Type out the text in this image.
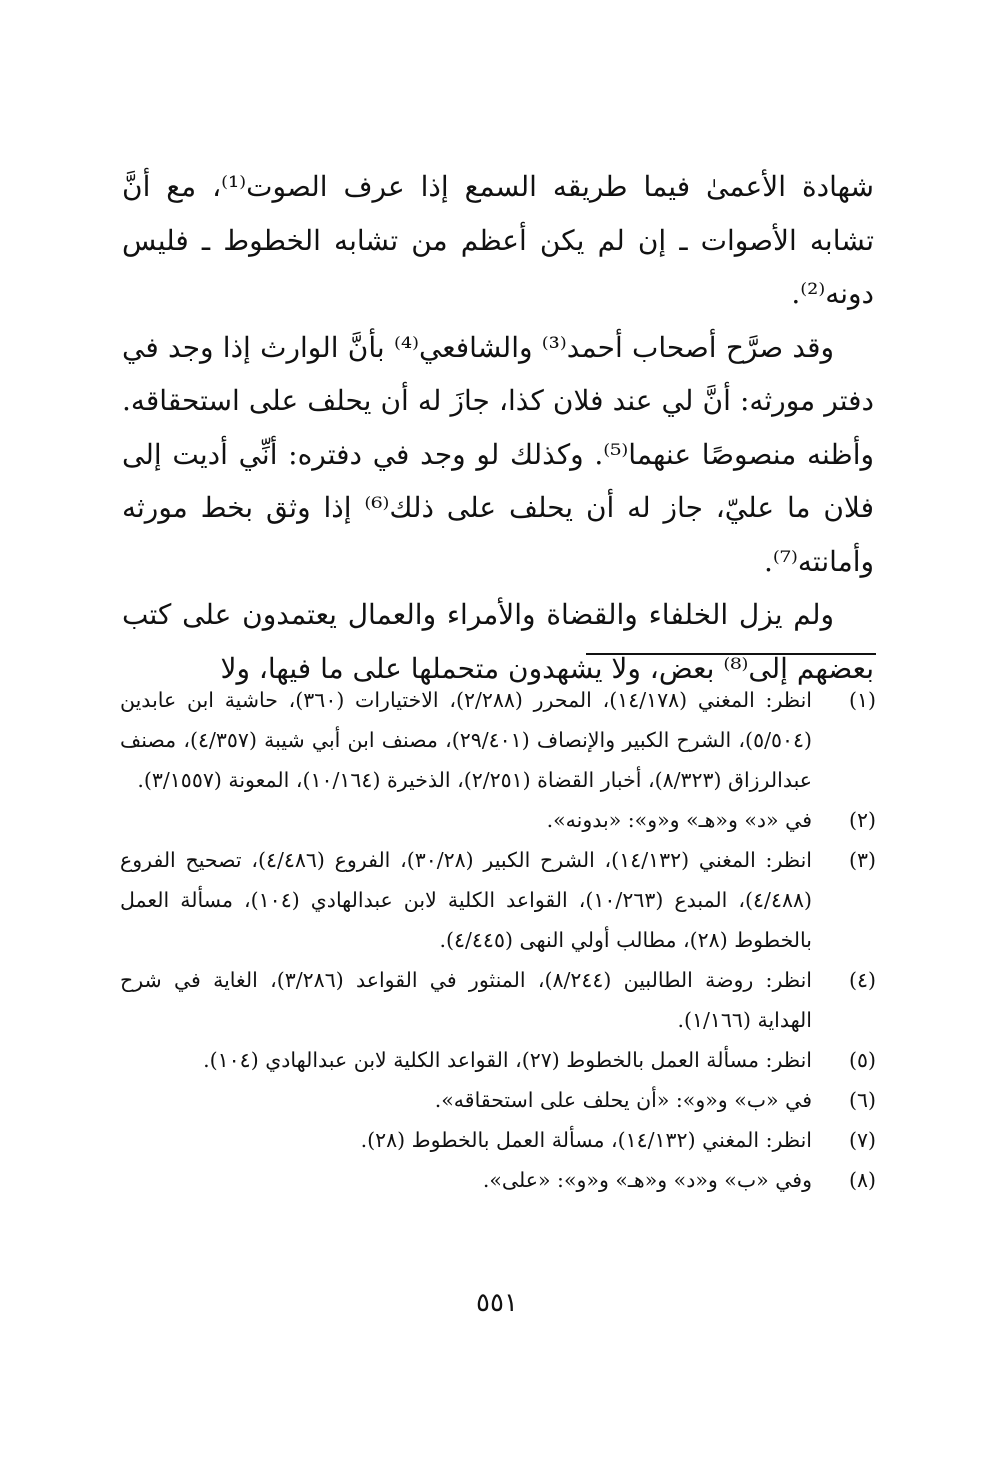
شهادة الأعمىٰ فيما طريقه السمع إذا عرف الصوت⁽¹⁾، مع أنَّ تشابه الأصوات ـ إن لم يكن أعظم من تشابه الخطوط ـ فليس دونه⁽²⁾.

وقد صرَّح أصحاب أحمد⁽³⁾ والشافعي⁽⁴⁾ بأنَّ الوارث إذا وجد في دفتر مورثه: أنَّ لي عند فلان كذا، جازَ له أن يحلف على استحقاقه. وأظنه منصوصًا عنهما⁽⁵⁾. وكذلك لو وجد في دفتره: أنِّي أديت إلى فلان ما عليّ، جاز له أن يحلف على ذلك⁽⁶⁾ إذا وثق بخط مورثه وأمانته⁽⁷⁾.

ولم يزل الخلفاء والقضاة والأمراء والعمال يعتمدون على كتب بعضهم إلى⁽⁸⁾ بعض، ولا يشهدون متحملها على ما فيها، ولا

(١)
انظر: المغني (١٤/١٧٨)، المحرر (٢/٢٨٨)، الاختيارات (٣٦٠)، حاشية ابن عابدين (٥/٥٠٤)، الشرح الكبير والإنصاف (٢٩/٤٠١)، مصنف ابن أبي شيبة (٤/٣٥٧)، مصنف عبدالرزاق (٨/٣٢٣)، أخبار القضاة (٢/٢٥١)، الذخيرة (١٠/١٦٤)، المعونة (٣/١٥٥٧).
(٢)
في «د» و«هـ» و«و»: «بدونه».
(٣)
انظر: المغني (١٤/١٣٢)، الشرح الكبير (٣٠/٢٨)، الفروع (٤/٤٨٦)، تصحيح الفروع (٤/٤٨٨)، المبدع (١٠/٢٦٣)، القواعد الكلية لابن عبدالهادي (١٠٤)، مسألة العمل بالخطوط (٢٨)، مطالب أولي النهى (٤/٤٤٥).
(٤)
انظر: روضة الطالبين (٨/٢٤٤)، المنثور في القواعد (٣/٢٨٦)، الغاية في شرح الهداية (١/١٦٦).
(٥)
انظر: مسألة العمل بالخطوط (٢٧)، القواعد الكلية لابن عبدالهادي (١٠٤).
(٦)
في «ب» و«و»: «أن يحلف على استحقاقه».
(٧)
انظر: المغني (١٤/١٣٢)، مسألة العمل بالخطوط (٢٨).
(٨)
وفي «ب» و«د» و«هـ» و«و»: «على».
٥٥١
